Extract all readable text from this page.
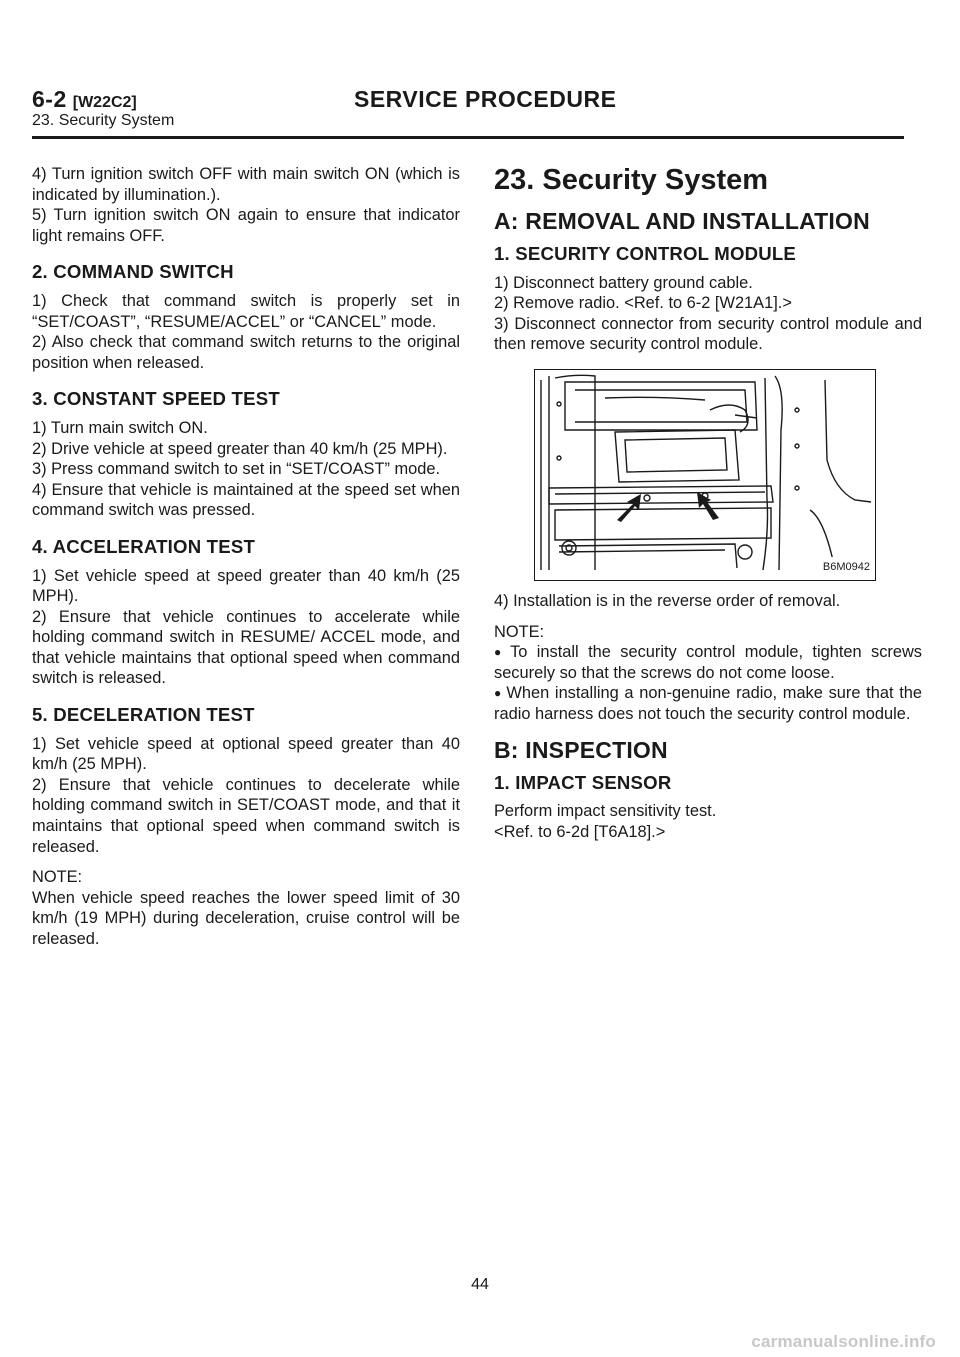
6-2 [W22C2]	SERVICE PROCEDURE
23. Security System

4) Turn ignition switch OFF with main switch ON (which is indicated by illumination.).

5) Turn ignition switch ON again to ensure that indicator light remains OFF.

2. COMMAND SWITCH

1) Check that command switch is properly set in “SET/COAST”, “RESUME/ACCEL” or “CANCEL” mode.

2) Also check that command switch returns to the original position when released.

3. CONSTANT SPEED TEST

1) Turn main switch ON.

2) Drive vehicle at speed greater than 40 km/h (25 MPH).

3) Press command switch to set in “SET/COAST” mode.

4) Ensure that vehicle is maintained at the speed set when command switch was pressed.

4. ACCELERATION TEST

1) Set vehicle speed at speed greater than 40 km/h (25 MPH).

2) Ensure that vehicle continues to accelerate while holding command switch in RESUME/ ACCEL mode, and that vehicle maintains that optional speed when command switch is released.

5. DECELERATION TEST

1) Set vehicle speed at optional speed greater than 40 km/h (25 MPH).

2) Ensure that vehicle continues to decelerate while holding command switch in SET/COAST mode, and that it maintains that optional speed when command switch is released.

NOTE:

When vehicle speed reaches the lower speed limit of 30 km/h (19 MPH) during deceleration, cruise control will be released.

23. Security System
A: REMOVAL AND INSTALLATION
1. SECURITY CONTROL MODULE

1) Disconnect battery ground cable.

2) Remove radio. <Ref. to 6-2 [W21A1].>

3) Disconnect connector from security control module and then remove security control module.

B6M0942

4) Installation is in the reverse order of removal.

NOTE:

● To install the security control module, tighten screws securely so that the screws do not come loose.

● When installing a non-genuine radio, make sure that the radio harness does not touch the security control module.

B: INSPECTION
1. IMPACT SENSOR

Perform impact sensitivity test.

<Ref. to 6-2d [T6A18].>

44
carmanualsonline.info
